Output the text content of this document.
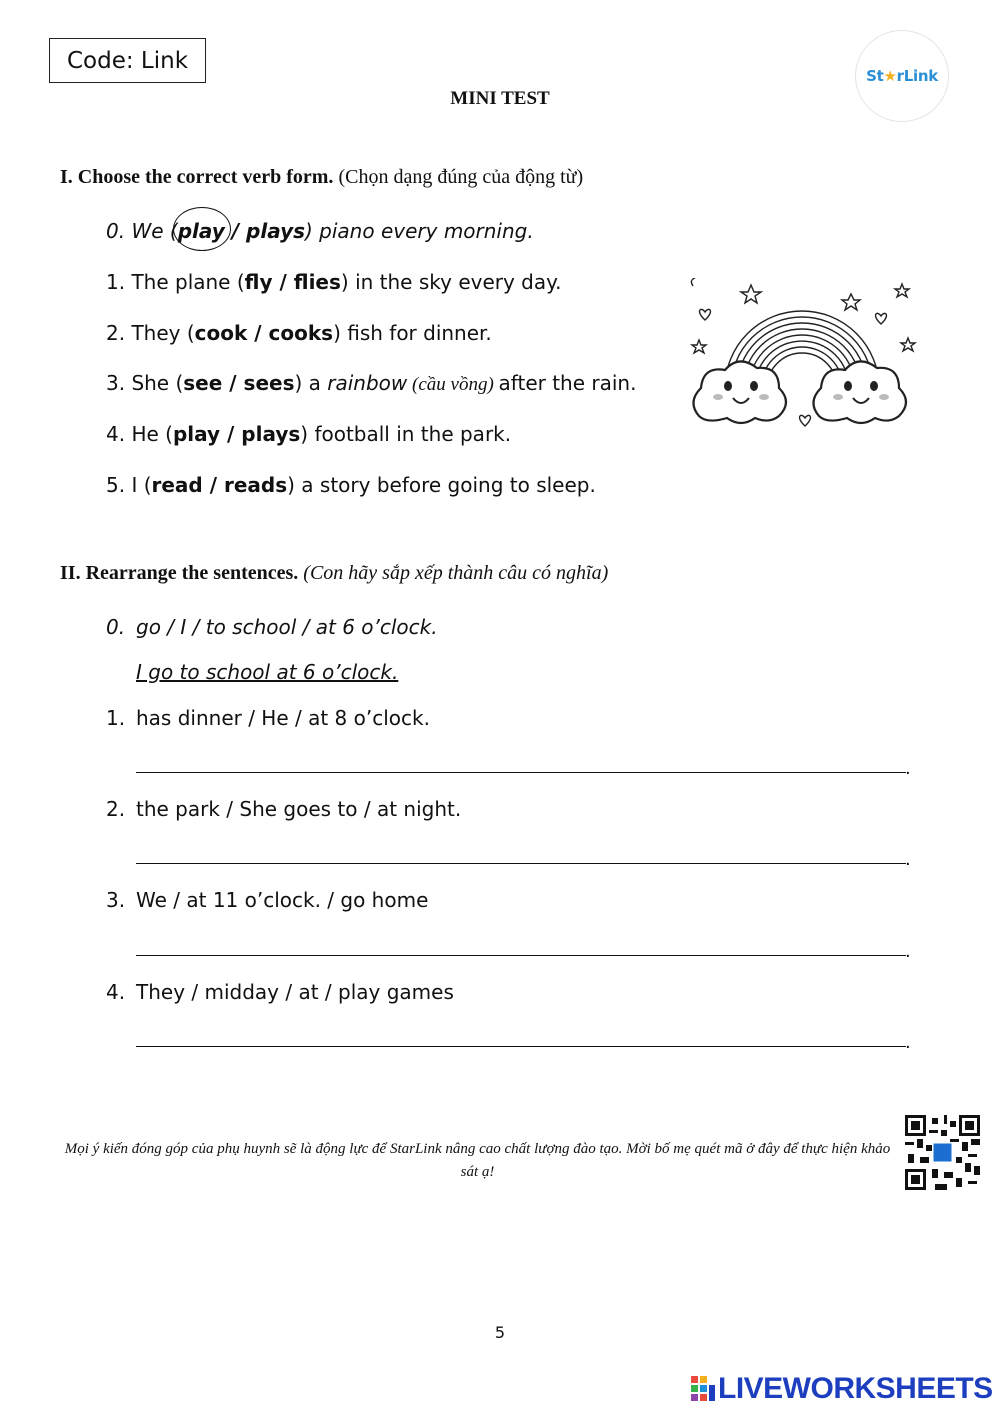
Code: Link
St★rLink
MINI TEST
I. Choose the correct verb form. (Chọn dạng đúng của động từ)
0. We (play / plays) piano every morning.
1. The plane (fly / flies) in the sky every day.
2. They (cook / cooks) fish for dinner.
3. She (see / sees) a rainbow (cầu vồng) after the rain.
4. He (play / plays) football in the park.
5. I (read / reads) a story before going to sleep.
II. Rearrange the sentences. (Con hãy sắp xếp thành câu có nghĩa)
0. go / I / to school / at 6 o’clock.
I go to school at 6 o’clock.
1. has dinner / He / at 8 o’clock.
.
2. the park / She goes to / at night.
.
3. We / at 11 o’clock. / go home
.
4. They / midday / at / play games
.
Mọi ý kiến đóng góp của phụ huynh sẽ là động lực để StarLink nâng cao chất lượng đào tạo. Mời bố mẹ quét mã ở đây để thực hiện khảo sát ạ!
5
LIVEWORKSHEETS
